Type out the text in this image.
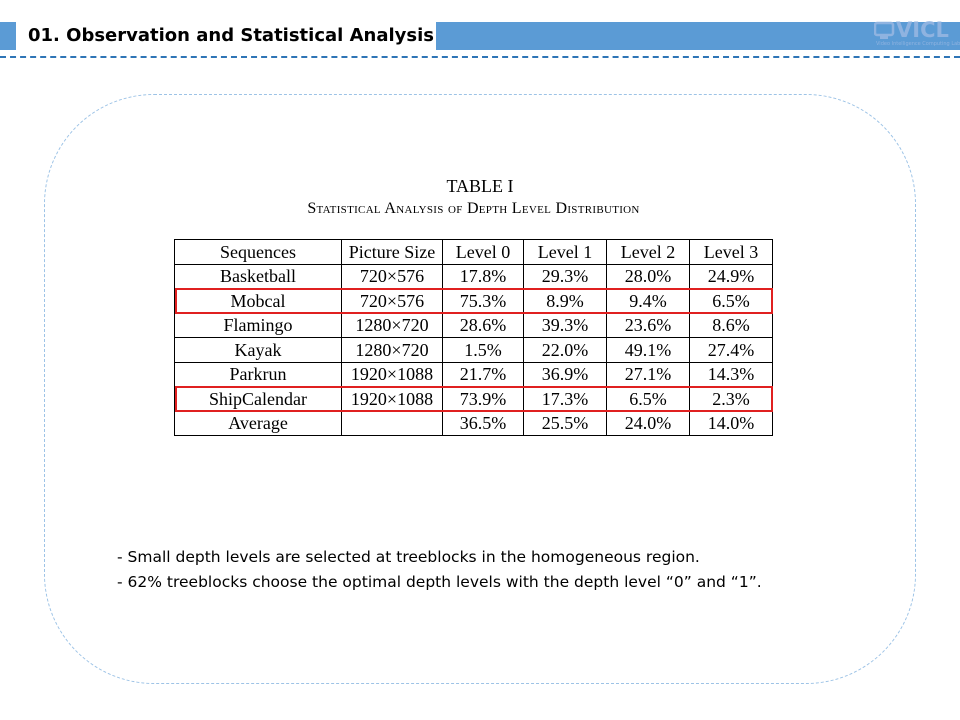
01. Observation and Statistical Analysis	VICL
Video Intelligence Computing Lab
TABLE I
Statistical Analysis of Depth Level Distribution
Sequences	Picture Size	Level 0	Level 1	Level 2	Level 3
Basketball	720×576	17.8%	29.3%	28.0%	24.9%
Mobcal	720×576	75.3%	8.9%	9.4%	6.5%
Flamingo	1280×720	28.6%	39.3%	23.6%	8.6%
Kayak	1280×720	1.5%	22.0%	49.1%	27.4%
Parkrun	1920×1088	21.7%	36.9%	27.1%	14.3%
ShipCalendar	1920×1088	73.9%	17.3%	6.5%	2.3%
Average		36.5%	25.5%	24.0%	14.0%
- Small depth levels are selected at treeblocks in the homogeneous region.
- 62% treeblocks choose the optimal depth levels with the depth level “0” and “1”.
